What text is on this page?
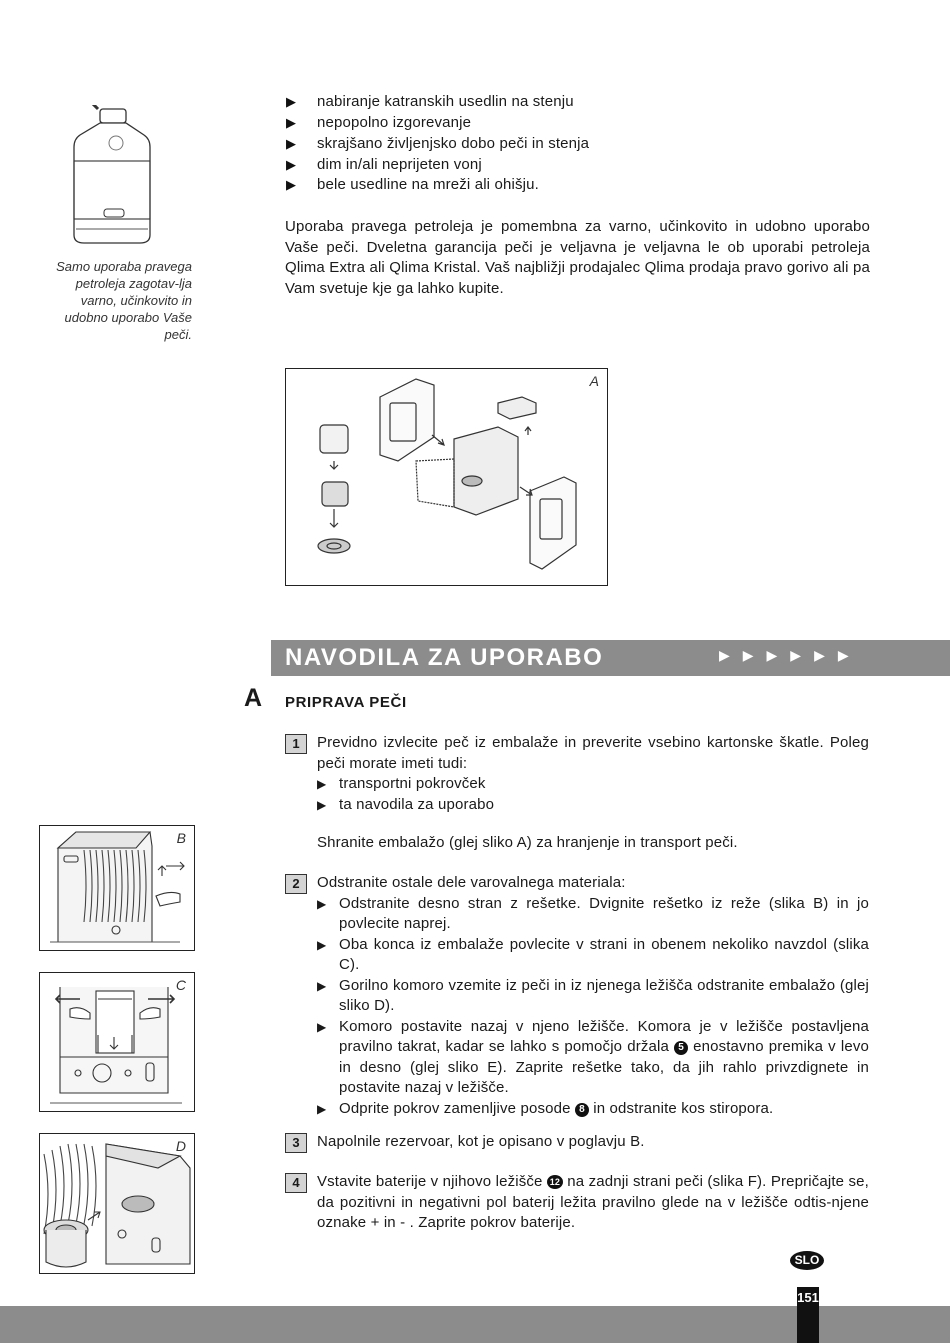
Samo uporaba pravega petroleja zagotav-lja varno, učinkovito in udobno uporabo Vaše peči.
▶	nabiranje katranskih usedlin na stenju
▶	nepopolno izgorevanje
▶	skrajšano življenjsko dobo peči in stenja
▶	dim in/ali neprijeten vonj
▶	bele usedline na mreži ali ohišju.
Uporaba pravega petroleja je pomembna za varno, učinkovito in udobno uporabo Vaše peči. Dveletna garancija peči je veljavna je veljavna le ob uporabi petroleja Qlima Extra ali Qlima Kristal. Vaš najbližji prodajalec Qlima prodaja pravo gorivo ali pa Vam svetuje kje ga lahko kupite.
A
NAVODILA ZA UPORABO	▶▶▶▶▶▶
A PRIPRAVA PEČI
1	Previdno izvlecite peč iz embalaže in preverite vsebino kartonske škatle. Poleg peči morate imeti tudi:
▶ transportni pokrovček
▶ ta navodila za uporabo
Shranite embalažo (glej sliko A) za hranjenje in transport peči.
2	Odstranite ostale dele varovalnega materiala:
▶ Odstranite desno stran z rešetke. Dvignite rešetko iz reže (slika B) in jo povlecite naprej.
▶ Oba konca iz embalaže povlecite v strani in obenem nekoliko navzdol (slika C).
▶ Gorilno komoro vzemite iz peči in iz njenega ležišča odstranite embalažo (glej sliko D).
▶ Komoro postavite nazaj v njeno ležišče. Komora je v ležišče postavljena pravilno takrat, kadar se lahko s pomočjo držala 5 enostavno premika v levo in desno (glej sliko E). Zaprite rešetke tako, da jih rahlo privzdignete in postavite nazaj v ležišče.
▶ Odprite pokrov zamenljive posode 8 in odstranite kos stiropora.
3	Napolnile rezervoar, kot je opisano v poglavju B.
4	Vstavite baterije v njihovo ležišče 12 na zadnji strani peči (slika F). Prepričajte se, da pozitivni in negativni pol baterij ležita pravilno glede na v ležišče odtis-njene oznake + in - . Zaprite pokrov baterije.
B
C
D
SLO
151
